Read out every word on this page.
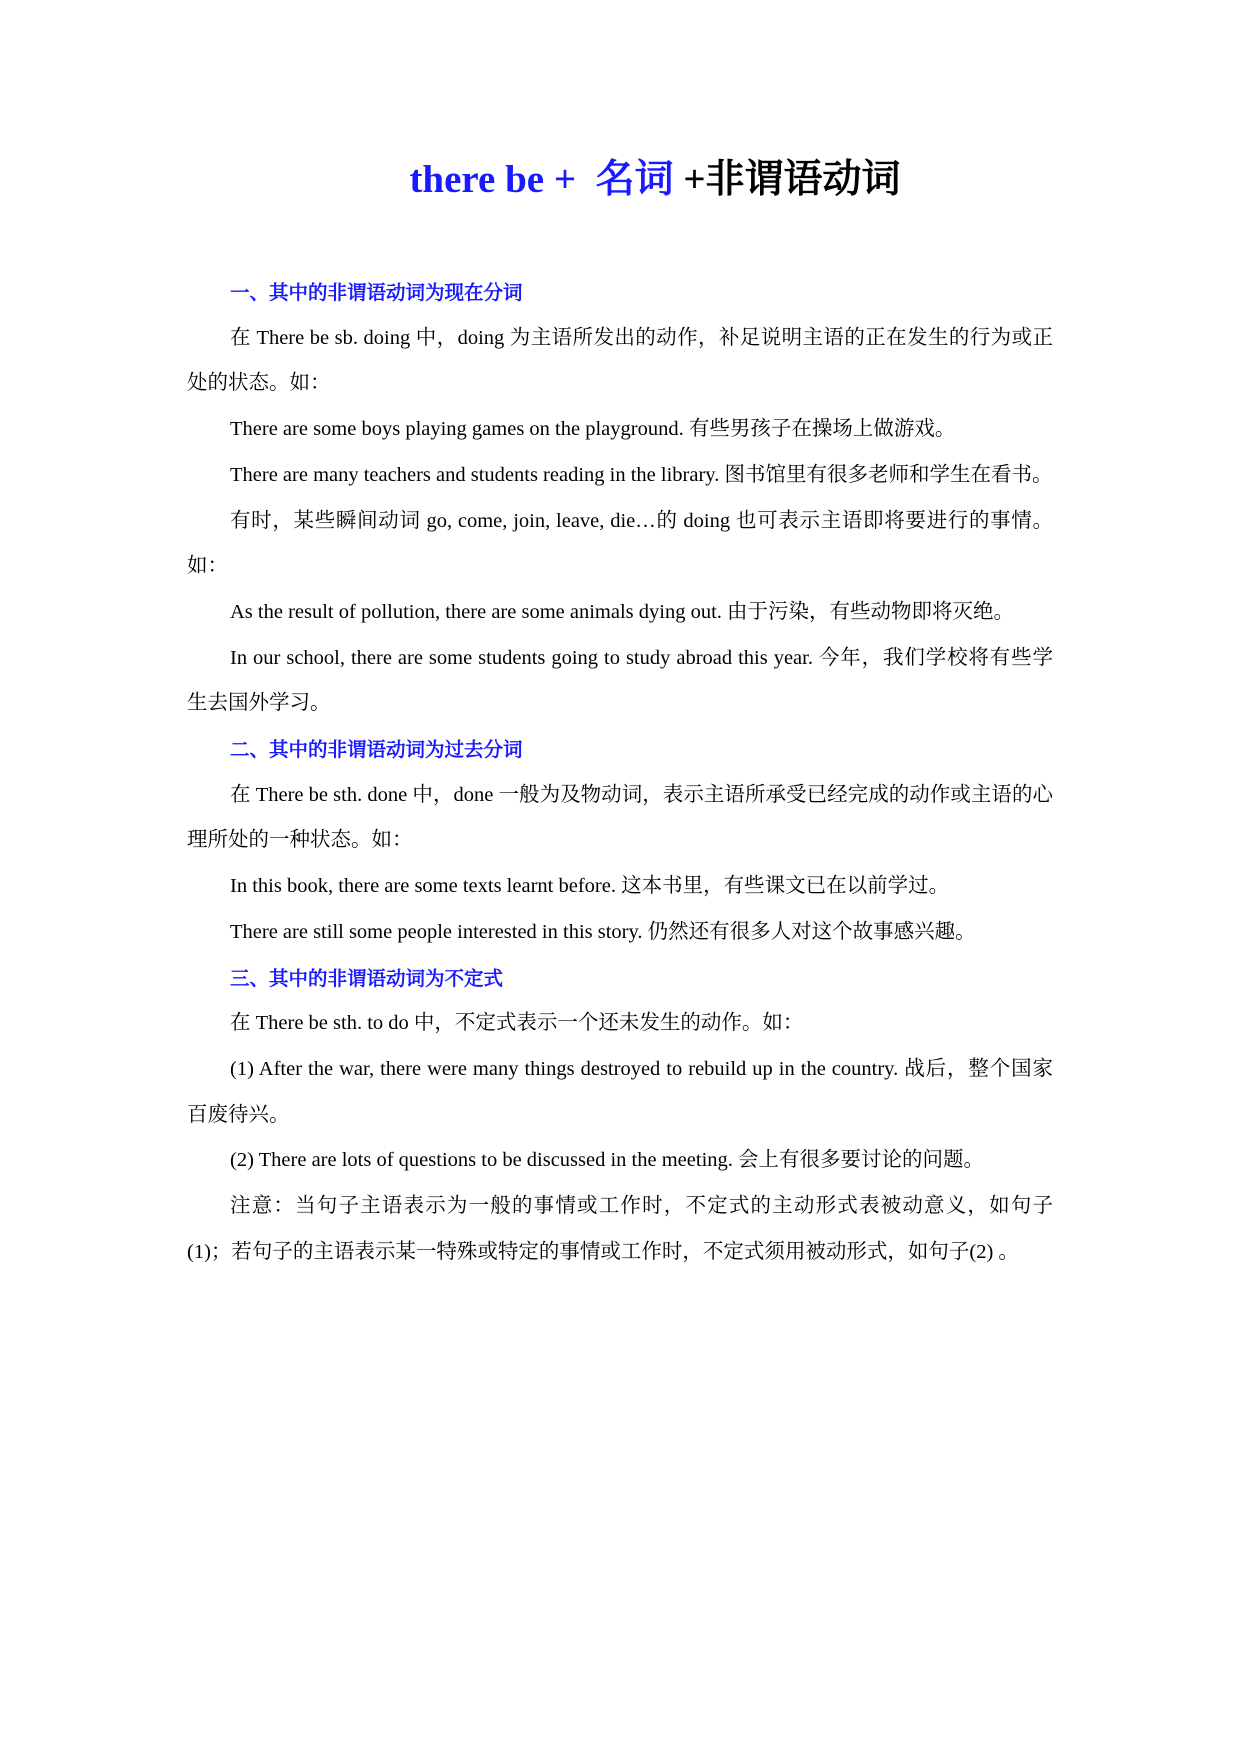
there be +  名词 +非谓语动词

一、其中的非谓语动词为现在分词

在 There be sb. doing 中，doing 为主语所发出的动作，补足说明主语的正在发生的行为或正处的状态。如：

There are some boys playing games on the playground. 有些男孩子在操场上做游戏。

There are many teachers and students reading in the library. 图书馆里有很多老师和学生在看书。

有时，某些瞬间动词 go, come, join, leave, die…的 doing 也可表示主语即将要进行的事情。如：

As the result of pollution, there are some animals dying out. 由于污染，有些动物即将灭绝。

In our school, there are some students going to study abroad this year. 今年，我们学校将有些学生去国外学习。

二、其中的非谓语动词为过去分词

在 There be sth. done 中，done 一般为及物动词，表示主语所承受已经完成的动作或主语的心理所处的一种状态。如：

In this book, there are some texts learnt before. 这本书里，有些课文已在以前学过。

There are still some people interested in this story. 仍然还有很多人对这个故事感兴趣。

三、其中的非谓语动词为不定式

在 There be sth. to do 中，不定式表示一个还未发生的动作。如：

(1) After the war, there were many things destroyed to rebuild up in the country. 战后，整个国家百废待兴。

(2) There are lots of questions to be discussed in the meeting. 会上有很多要讨论的问题。

注意：当句子主语表示为一般的事情或工作时，不定式的主动形式表被动意义，如句子(1)；若句子的主语表示某一特殊或特定的事情或工作时，不定式须用被动形式，如句子(2) 。
